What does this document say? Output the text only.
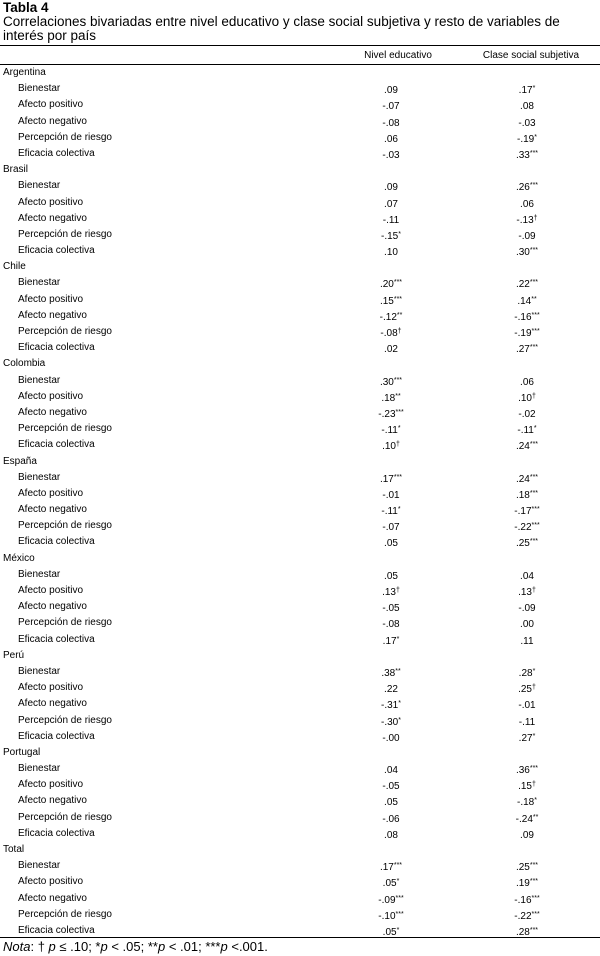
Tabla 4
Correlaciones bivariadas entre nivel educativo y clase social subjetiva y resto de variables de interés por país
Nivel educativo	Clase social subjetiva
Argentina
Bienestar	.09	.17*
Afecto positivo	-.07	.08
Afecto negativo	-.08	-.03
Percepción de riesgo	.06	-.19*
Eficacia colectiva	-.03	.33***
Brasil
Bienestar	.09	.26***
Afecto positivo	.07	.06
Afecto negativo	-.11	-.13†
Percepción de riesgo	-.15*	-.09
Eficacia colectiva	.10	.30***
Chile
Bienestar	.20***	.22***
Afecto positivo	.15***	.14**
Afecto negativo	-.12**	-.16***
Percepción de riesgo	-.08†	-.19***
Eficacia colectiva	.02	.27***
Colombia
Bienestar	.30***	.06
Afecto positivo	.18**	.10†
Afecto negativo	-.23***	-.02
Percepción de riesgo	-.11*	-.11*
Eficacia colectiva	.10†	.24***
España
Bienestar	.17***	.24***
Afecto positivo	-.01	.18***
Afecto negativo	-.11*	-.17***
Percepción de riesgo	-.07	-.22***
Eficacia colectiva	.05	.25***
México
Bienestar	.05	.04
Afecto positivo	.13†	.13†
Afecto negativo	-.05	-.09
Percepción de riesgo	-.08	.00
Eficacia colectiva	.17*	.11
Perú
Bienestar	.38**	.28*
Afecto positivo	.22	.25†
Afecto negativo	-.31*	-.01
Percepción de riesgo	-.30*	-.11
Eficacia colectiva	-.00	.27*
Portugal
Bienestar	.04	.36***
Afecto positivo	-.05	.15†
Afecto negativo	.05	-.18*
Percepción de riesgo	-.06	-.24**
Eficacia colectiva	.08	.09
Total
Bienestar	.17***	.25***
Afecto positivo	.05*	.19***
Afecto negativo	-.09***	-.16***
Percepción de riesgo	-.10***	-.22***
Eficacia colectiva	.05*	.28***
Nota: † p ≤ .10; *p < .05; **p < .01; ***p <.001.
